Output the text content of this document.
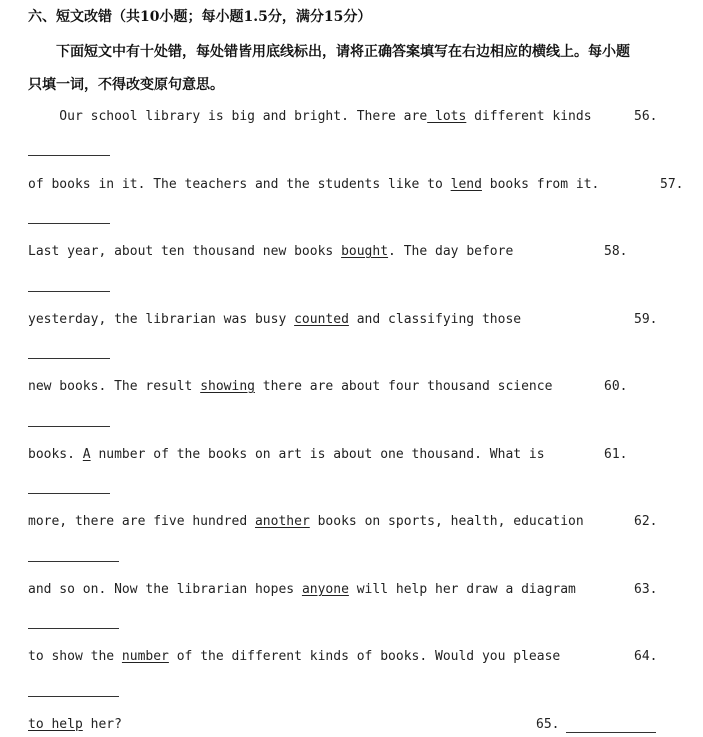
六、短文改错（共10小题；每小题1.5分，满分15分）
下面短文中有十处错，每处错皆用底线标出，请将正确答案填写在右边相应的横线上。每小题
只填一词，不得改变原句意思。
Our school library is big and bright. There are lots different kinds	56.
of books in it. The teachers and the students like to lend books from it.	57.
Last year, about ten thousand new books bought. The day before	58.
yesterday, the librarian was busy counted and classifying those	59.
new books. The result showing there are about four thousand science	60.
books. A number of the books on art is about one thousand. What is	61.
more, there are five hundred another books on sports, health, education	62.
and so on. Now the librarian hopes anyone will help her draw a diagram	63.
to show the number of the different kinds of books. Would you please	64.
to help her?	65.
